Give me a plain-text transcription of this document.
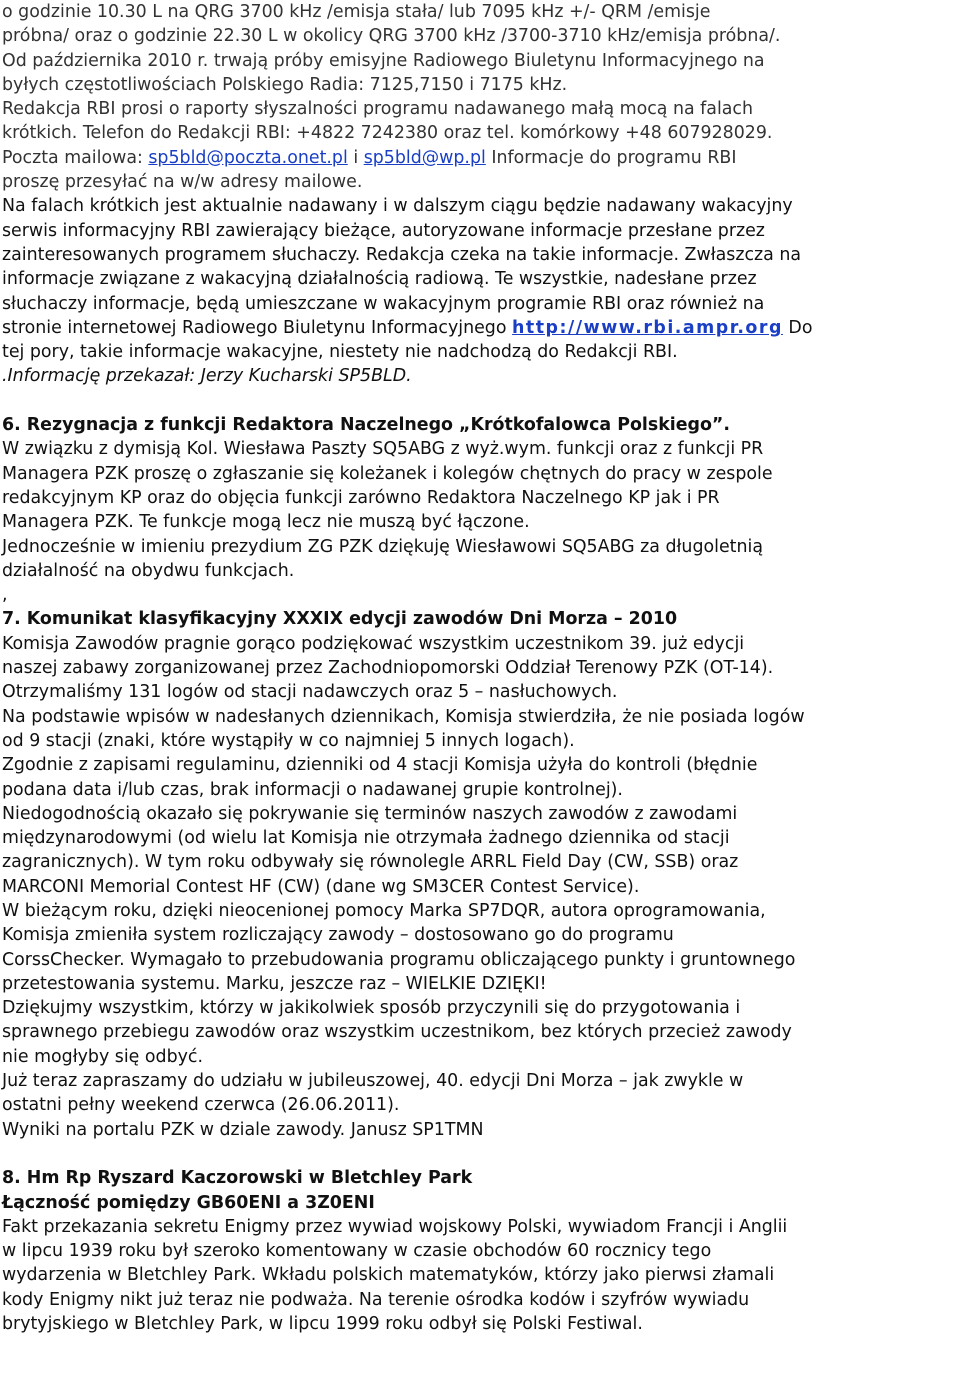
o godzinie 10.30 L na QRG 3700 kHz /emisja stała/ lub 7095 kHz +/- QRM /emisje
próbna/ oraz o godzinie 22.30 L w okolicy QRG 3700 kHz /3700-3710 kHz/emisja próbna/.
Od października 2010 r. trwają próby emisyjne Radiowego Biuletynu Informacyjnego na
byłych częstotliwościach Polskiego Radia: 7125,7150 i 7175 kHz.
Redakcja RBI prosi o raporty słyszalności programu nadawanego małą mocą na falach
krótkich. Telefon do Redakcji RBI: +4822 7242380 oraz tel. komórkowy +48 607928029.
Poczta mailowa: sp5bld@poczta.onet.pl i sp5bld@wp.pl Informacje do programu RBI
proszę przesyłać na w/w adresy mailowe.
Na falach krótkich jest aktualnie nadawany i w dalszym ciągu będzie nadawany wakacyjny
serwis informacyjny RBI zawierający bieżące, autoryzowane informacje przesłane przez
zainteresowanych programem słuchaczy. Redakcja czeka na takie informacje. Zwłaszcza na
informacje związane z wakacyjną działalnością radiową. Te wszystkie, nadesłane przez
słuchaczy informacje, będą umieszczane w wakacyjnym programie RBI oraz również na
stronie internetowej Radiowego Biuletynu Informacyjnego http://www.rbi.ampr.org Do
tej pory, takie informacje wakacyjne, niestety nie nadchodzą do Redakcji RBI.
.Informację przekazał: Jerzy Kucharski SP5BLD.
6. Rezygnacja z funkcji Redaktora Naczelnego „Krótkofalowca Polskiego”.
W związku z dymisją Kol. Wiesława Paszty SQ5ABG z wyż.wym. funkcji oraz z funkcji PR
Managera PZK proszę o zgłaszanie się koleżanek i kolegów chętnych do pracy w zespole
redakcyjnym KP oraz do objęcia funkcji zarówno Redaktora Naczelnego KP jak i PR
Managera PZK. Te funkcje mogą lecz nie muszą być łączone.
Jednocześnie w imieniu prezydium ZG PZK dziękuję Wiesławowi SQ5ABG za długoletnią
działalność na obydwu funkcjach.
,
7. Komunikat klasyfikacyjny XXXIX edycji zawodów Dni Morza – 2010
Komisja Zawodów pragnie gorąco podziękować wszystkim uczestnikom 39. już edycji
naszej zabawy zorganizowanej przez Zachodniopomorski Oddział Terenowy PZK (OT-14).
Otrzymaliśmy 131 logów od stacji nadawczych oraz 5 – nasłuchowych.
Na podstawie wpisów w nadesłanych dziennikach, Komisja stwierdziła, że nie posiada logów
od 9 stacji (znaki, które wystąpiły w co najmniej 5 innych logach).
Zgodnie z zapisami regulaminu, dzienniki od 4 stacji Komisja użyła do kontroli (błędnie
podana data i/lub czas, brak informacji o nadawanej grupie kontrolnej).
Niedogodnością okazało się pokrywanie się terminów naszych zawodów z zawodami
międzynarodowymi (od wielu lat Komisja nie otrzymała żadnego dziennika od stacji
zagranicznych). W tym roku odbywały się równolegle ARRL Field Day (CW, SSB) oraz
MARCONI Memorial Contest HF (CW) (dane wg SM3CER Contest Service).
W bieżącym roku, dzięki nieocenionej pomocy Marka SP7DQR, autora oprogramowania,
Komisja zmieniła system rozliczający zawody – dostosowano go do programu
CorssChecker. Wymagało to przebudowania programu obliczającego punkty i gruntownego
przetestowania systemu. Marku, jeszcze raz – WIELKIE DZIĘKI!
Dziękujmy wszystkim, którzy w jakikolwiek sposób przyczynili się do przygotowania i
sprawnego przebiegu zawodów oraz wszystkim uczestnikom, bez których przecież zawody
nie mogłyby się odbyć.
Już teraz zapraszamy do udziału w jubileuszowej, 40. edycji Dni Morza – jak zwykle w
ostatni pełny weekend czerwca (26.06.2011).
Wyniki na portalu PZK w dziale zawody. Janusz SP1TMN
8. Hm Rp Ryszard Kaczorowski w Bletchley Park
Łączność pomiędzy GB60ENI a 3Z0ENI
Fakt przekazania sekretu Enigmy przez wywiad wojskowy Polski, wywiadom Francji i Anglii
w lipcu 1939 roku był szeroko komentowany w czasie obchodów 60 rocznicy tego
wydarzenia w Bletchley Park. Wkładu polskich matematyków, którzy jako pierwsi złamali
kody Enigmy nikt już teraz nie podważa. Na terenie ośrodka kodów i szyfrów wywiadu
brytyjskiego w Bletchley Park, w lipcu 1999 roku odbył się Polski Festiwal.
